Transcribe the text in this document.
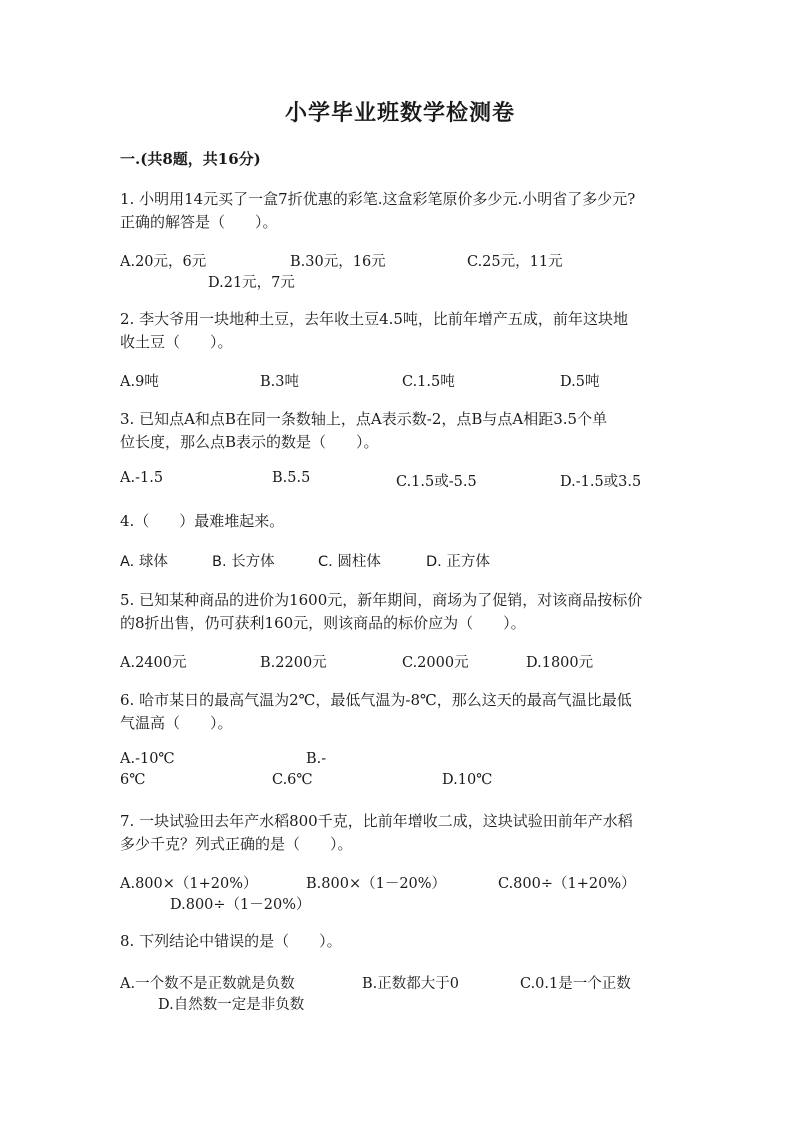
小学毕业班数学检测卷
一.(共8题，共16分)
1. 小明用14元买了一盒7折优惠的彩笔.这盒彩笔原价多少元.小明省了多少元?
正确的解答是（　　）。
A.20元，6元	B.30元，16元	C.25元，11元
D.21元，7元
2. 李大爷用一块地种土豆，去年收土豆4.5吨，比前年增产五成，前年这块地
收土豆（　　）。
A.9吨	B.3吨	C.1.5吨	D.5吨
3. 已知点A和点B在同一条数轴上，点A表示数-2，点B与点A相距3.5个单
位长度，那么点B表示的数是（　　）。
A.-1.5	B.5.5	C.1.5或-5.5	D.-1.5或3.5
4.（　　）最难堆起来。
A. 球体	B. 长方体	C. 圆柱体	D. 正方体
5. 已知某种商品的进价为1600元，新年期间，商场为了促销，对该商品按标价
的8折出售，仍可获利160元，则该商品的标价应为（　　）。
A.2400元	B.2200元	C.2000元	D.1800元
6. 哈市某日的最高气温为2℃，最低气温为-8℃，那么这天的最高气温比最低
气温高（　　）。
A.-10℃	B.-
6℃	C.6℃	D.10℃
7. 一块试验田去年产水稻800千克，比前年增收二成，这块试验田前年产水稻
多少千克？列式正确的是（　　）。
A.800×（1+20%）	B.800×（1－20%）	C.800÷（1+20%）
D.800÷（1－20%）
8. 下列结论中错误的是（　　）。
A.一个数不是正数就是负数	B.正数都大于0	C.0.1是一个正数
D.自然数一定是非负数
